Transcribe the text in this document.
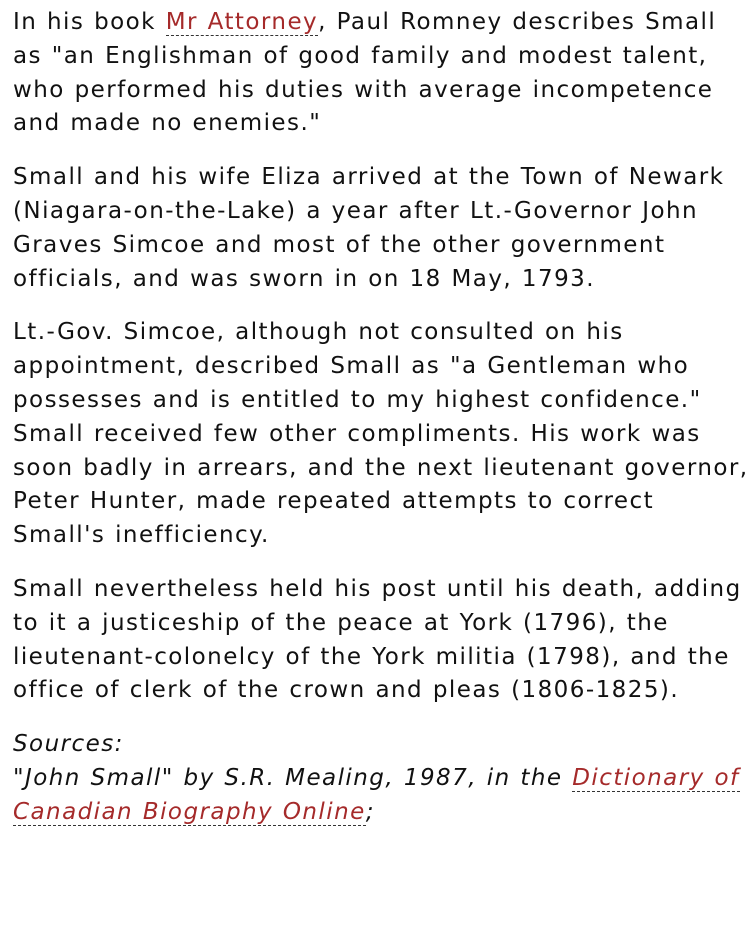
In his book Mr Attorney, Paul Romney describes Small as "an Englishman of good family and modest talent, who performed his duties with average incompetence and made no enemies."

Small and his wife Eliza arrived at the Town of Newark (Niagara-on-the-Lake) a year after Lt.-Governor John Graves Simcoe and most of the other government officials, and was sworn in on 18 May, 1793.

Lt.-Gov. Simcoe, although not consulted on his appointment, described Small as "a Gentleman who possesses and is entitled to my highest confidence." Small received few other compliments. His work was soon badly in arrears, and the next lieutenant governor, Peter Hunter, made repeated attempts to correct Small's inefficiency.

Small nevertheless held his post until his death, adding to it a justiceship of the peace at York (1796), the lieutenant-colonelcy of the York militia (1798), and the office of clerk of the crown and pleas (1806-1825).

Sources:
"John Small" by S.R. Mealing, 1987, in the Dictionary of Canadian Biography Online;
